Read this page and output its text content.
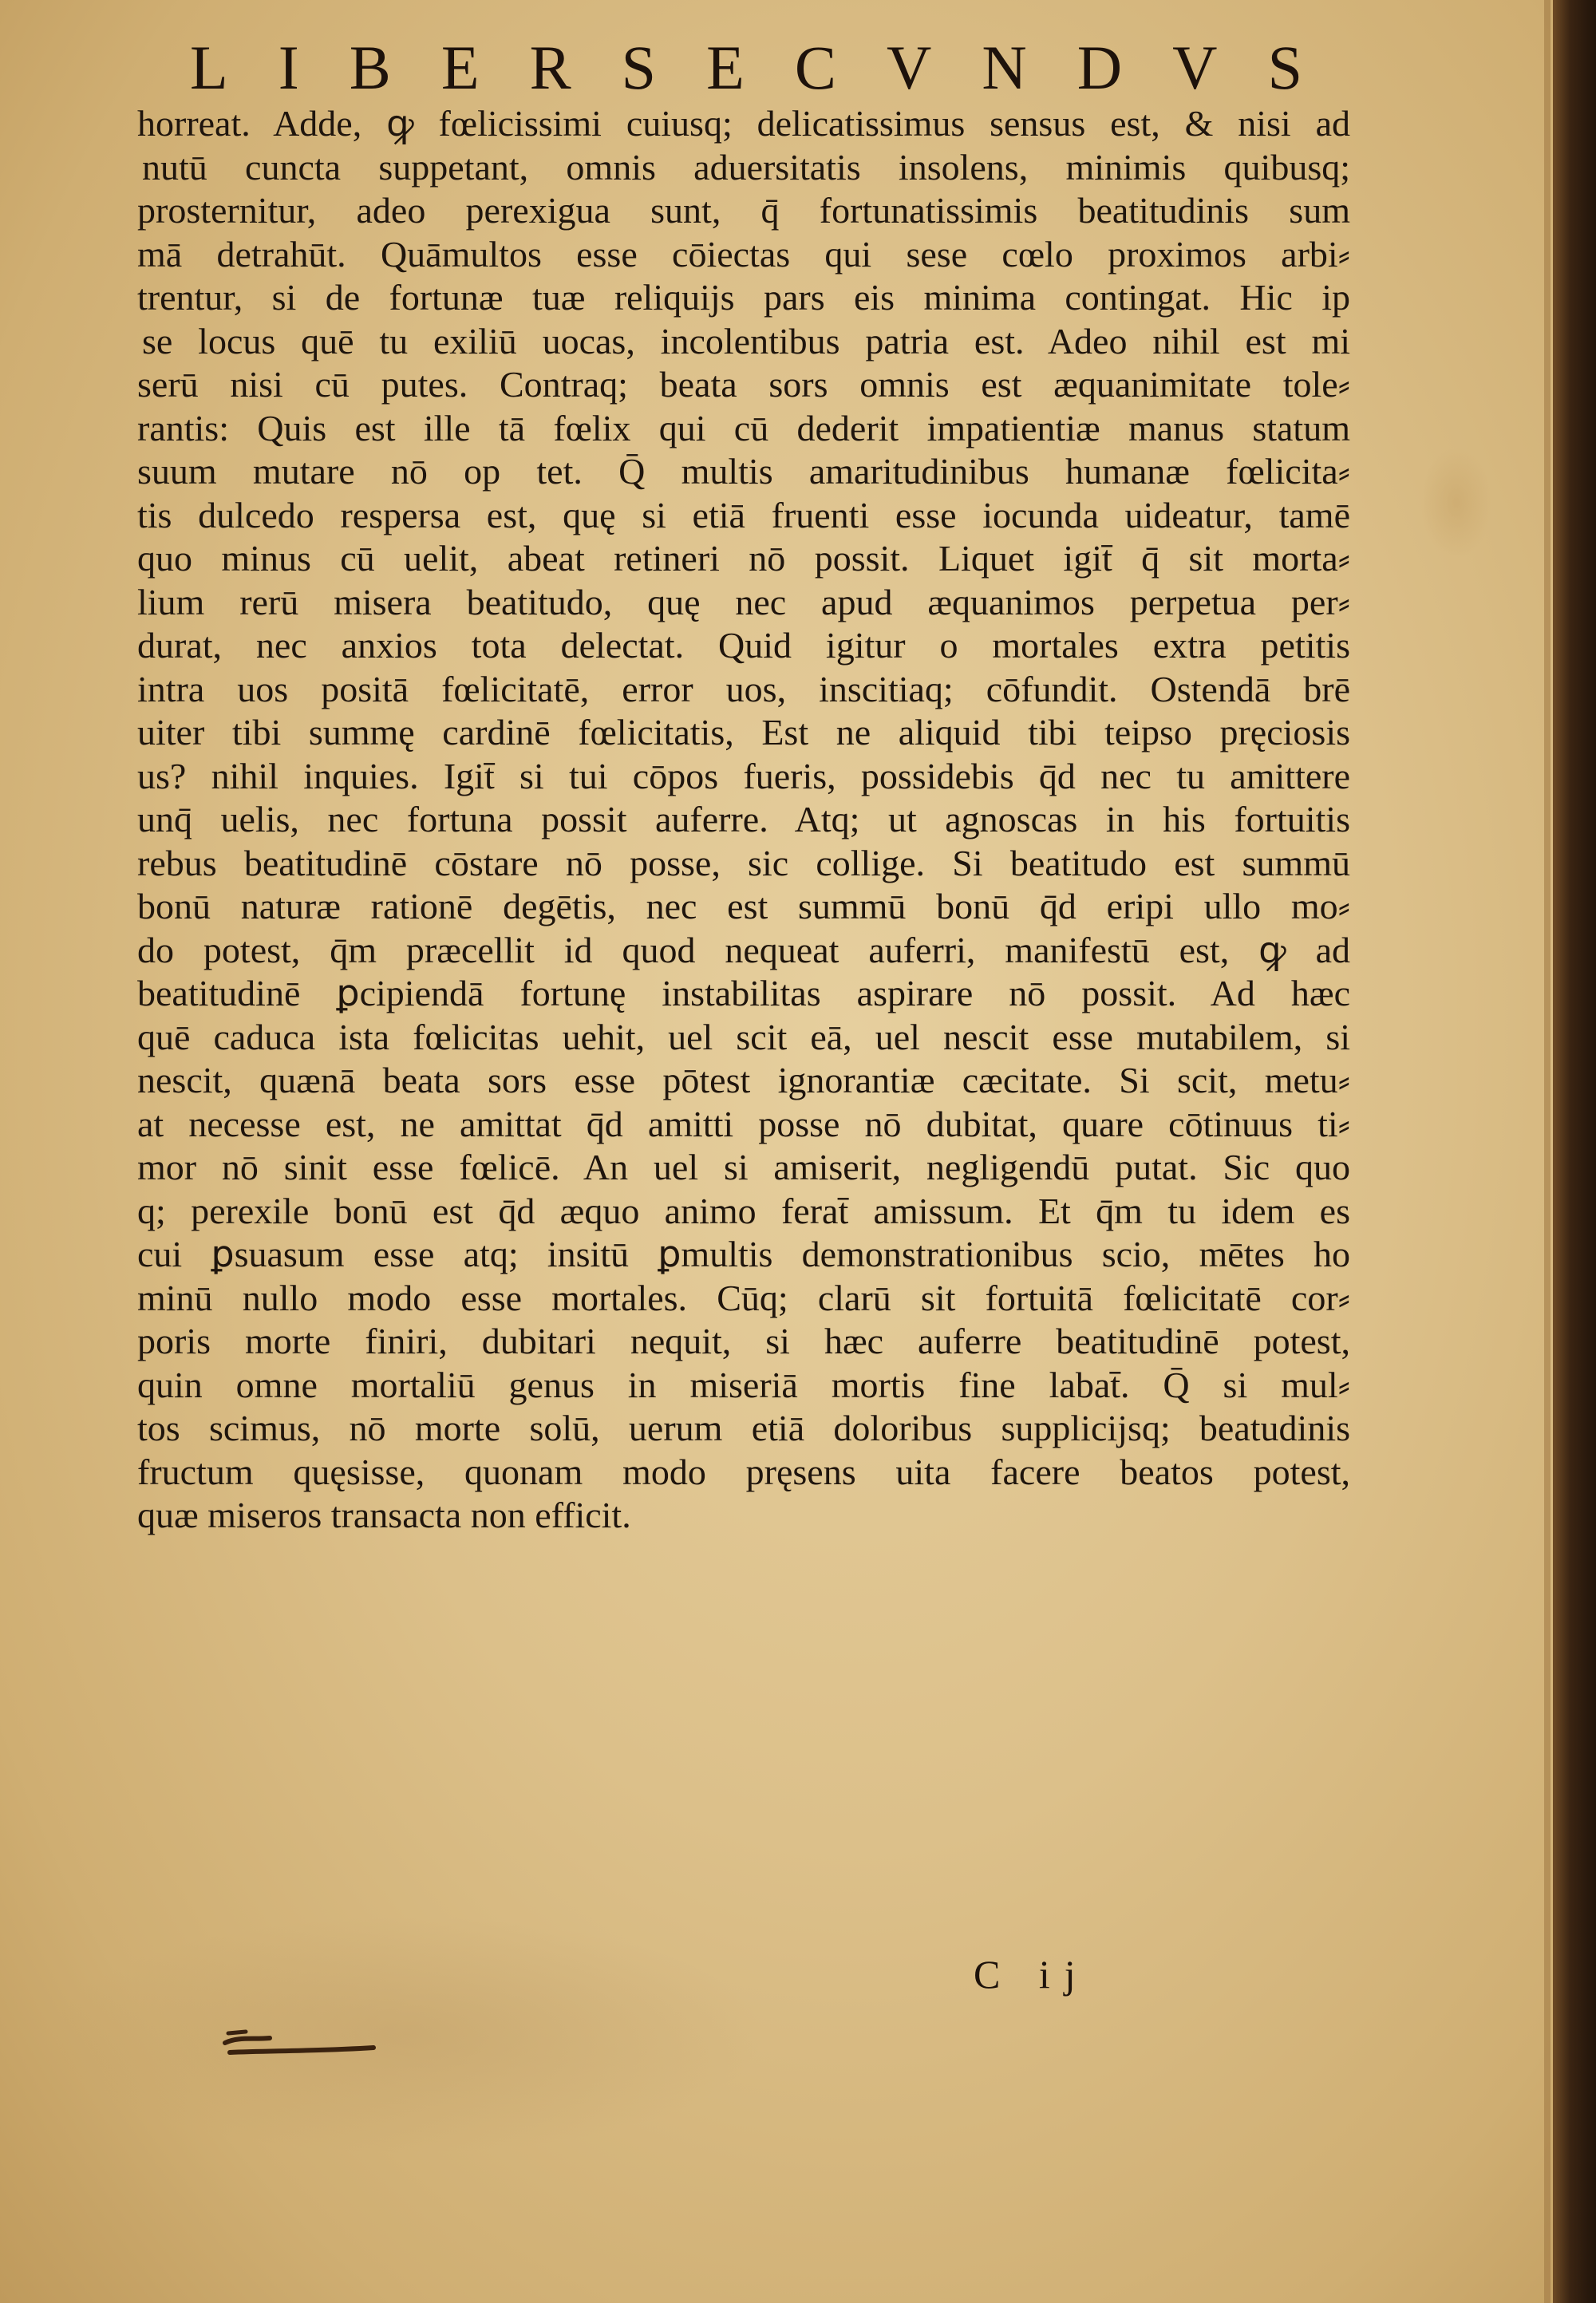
L I B E R S E C V N D V S
horreat. Adde, ꝙ fœlicissimi cuiusq; delicatissimus sensus est, & nisi ad
nutū cuncta suppetant, omnis aduersitatis insolens, minimis quibusq;
prosternitur, adeo perexigua sunt, q̄ fortunatissimis beatitudinis sum
mā detrahūt. Quāmultos esse cōiectas qui sese cœlo proximos arbi⸗
trentur, si de fortunæ tuæ reliquijs pars eis minima contingat. Hic ip
se locus quē tu exiliū uocas, incolentibus patria est. Adeo nihil est mi
serū nisi cū putes. Contraq; beata sors omnis est æquanimitate tole⸗
rantis: Quis est ille tā fœlix qui cū dederit impatientiæ manus statum
suum mutare nō op tet. Q̄ multis amaritudinibus humanæ fœlicita⸗
tis dulcedo respersa est, quę si etiā fruenti esse iocunda uideatur, tamē
quo minus cū uelit, abeat retineri nō possit. Liquet igit̄ q̄ sit morta⸗
lium rerū misera beatitudo, quę nec apud æquanimos perpetua per⸗
durat, nec anxios tota delectat. Quid igitur o mortales extra petitis
intra uos positā fœlicitatē, error uos, inscitiaq; cōfundit. Ostendā brē
uiter tibi summę cardinē fœlicitatis, Est ne aliquid tibi teipso pręciosis
us? nihil inquies. Igit̄ si tui cōpos fueris, possidebis q̄d nec tu amittere
unq̄ uelis, nec fortuna possit auferre. Atq; ut agnoscas in his fortuitis
rebus beatitudinē cōstare nō posse, sic collige. Si beatitudo est summū
bonū naturæ rationē degētis, nec est summū bonū q̄d eripi ullo mo⸗
do potest, q̄m præcellit id quod nequeat auferri, manifestū est, ꝙ ad
beatitudinē ꝑcipiendā fortunę instabilitas aspirare nō possit. Ad hæc
quē caduca ista fœlicitas uehit, uel scit eā, uel nescit esse mutabilem, si
nescit, quænā beata sors esse pōtest ignorantiæ cæcitate. Si scit, metu⸗
at necesse est, ne amittat q̄d amitti posse nō dubitat, quare cōtinuus ti⸗
mor nō sinit esse fœlicē. An uel si amiserit, negligendū putat. Sic quo
q; perexile bonū est q̄d æquo animo ferat̄ amissum. Et q̄m tu idem es
cui ꝑsuasum esse atq; insitū ꝑmultis demonstrationibus scio, mētes ho
minū nullo modo esse mortales. Cūq; clarū sit fortuitā fœlicitatē cor⸗
poris morte finiri, dubitari nequit, si hæc auferre beatitudinē potest,
quin omne mortaliū genus in miseriā mortis fine labat̄. Q̄ si mul⸗
tos scimus, nō morte solū, uerum etiā doloribus supplicijsq; beatudinis
fructum quęsisse, quonam modo pręsens uita facere beatos potest,
quæ miseros transacta non efficit.
C ij
